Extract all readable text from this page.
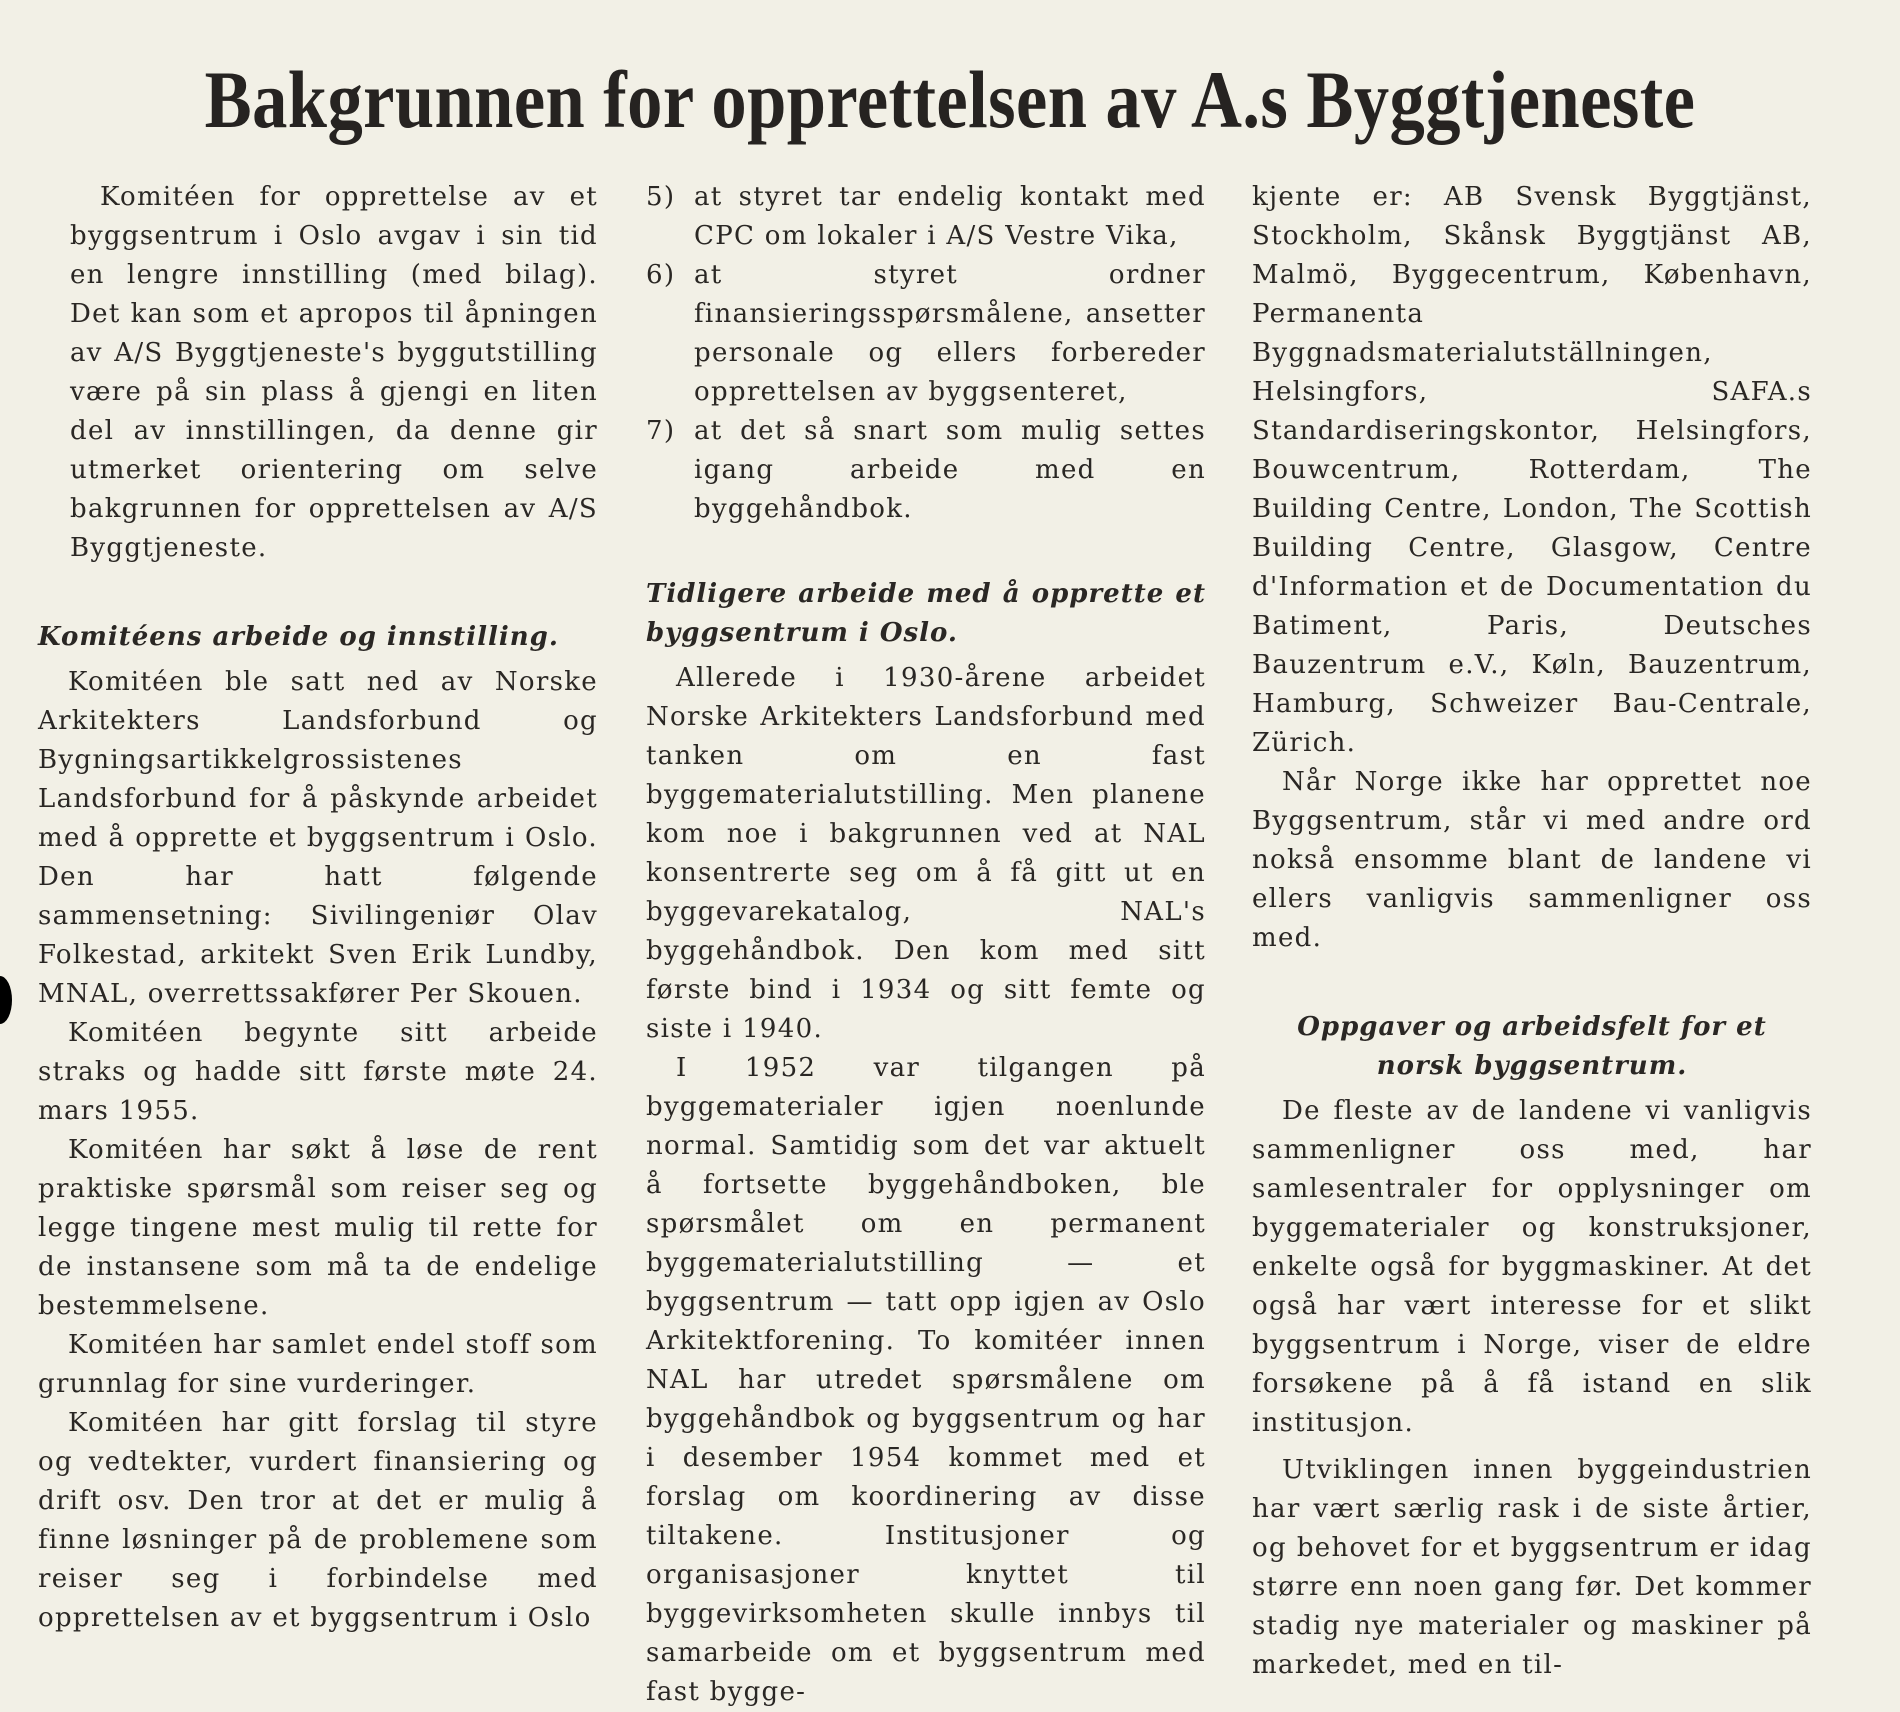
Bakgrunnen for opprettelsen av A.s Byggtjeneste

Komitéen for opprettelse av et byggsentrum i Oslo avgav i sin tid en lengre innstilling (med bilag). Det kan som et apropos til åpningen av A/S Byggtjeneste's byggutstilling være på sin plass å gjengi en liten del av innstillingen, da denne gir utmerket orientering om selve bakgrunnen for opprettelsen av A/S Byggtjeneste.

Komitéens arbeide og innstilling.

Komitéen ble satt ned av Norske Arkitekters Landsforbund og Bygningsartikkelgrossistenes Landsforbund for å påskynde arbeidet med å opprette et byggsentrum i Oslo. Den har hatt følgende sammensetning: Sivilingeniør Olav Folkestad, arkitekt Sven Erik Lundby, MNAL, overrettssakfører Per Skouen.

Komitéen begynte sitt arbeide straks og hadde sitt første møte 24. mars 1955.

Komitéen har søkt å løse de rent praktiske spørsmål som reiser seg og legge tingene mest mulig til rette for de instansene som må ta de endelige bestemmelsene.

Komitéen har samlet endel stoff som grunnlag for sine vurderinger.

Komitéen har gitt forslag til styre og vedtekter, vurdert finansiering og drift osv. Den tror at det er mulig å finne løsninger på de problemene som reiser seg i forbindelse med opprettelsen av et byggsentrum i Oslo

5) at styret tar endelig kontakt med CPC om lokaler i A/S Vestre Vika,
6) at styret ordner finansieringsspørsmålene, ansetter personale og ellers forbereder opprettelsen av byggsenteret,
7) at det så snart som mulig settes igang arbeide med en byggehåndbok.

Tidligere arbeide med å opprette et byggsentrum i Oslo.

Allerede i 1930-årene arbeidet Norske Arkitekters Landsforbund med tanken om en fast byggematerialutstilling. Men planene kom noe i bakgrunnen ved at NAL konsentrerte seg om å få gitt ut en byggevarekatalog, NAL's byggehåndbok. Den kom med sitt første bind i 1934 og sitt femte og siste i 1940.

I 1952 var tilgangen på byggematerialer igjen noenlunde normal. Samtidig som det var aktuelt å fortsette byggehåndboken, ble spørsmålet om en permanent byggematerialutstilling — et byggsentrum — tatt opp igjen av Oslo Arkitektforening. To komitéer innen NAL har utredet spørsmålene om byggehåndbok og byggsentrum og har i desember 1954 kommet med et forslag om koordinering av disse tiltakene. Institusjoner og organisasjoner knyttet til byggevirksomheten skulle innbys til samarbeide om et byggsentrum med fast bygge-

kjente er: AB Svensk Byggtjänst, Stockholm, Skånsk Byggtjänst AB, Malmö, Byggecentrum, København, Permanenta Byggnadsmaterialutställningen, Helsingfors, SAFA.s Standardiseringskontor, Helsingfors, Bouwcentrum, Rotterdam, The Building Centre, London, The Scottish Building Centre, Glasgow, Centre d'Information et de Documentation du Batiment, Paris, Deutsches Bauzentrum e.V., Køln, Bauzentrum, Hamburg, Schweizer Bau-Centrale, Zürich.

Når Norge ikke har opprettet noe Byggsentrum, står vi med andre ord nokså ensomme blant de landene vi ellers vanligvis sammenligner oss med.

Oppgaver og arbeidsfelt for et norsk byggsentrum.

De fleste av de landene vi vanligvis sammenligner oss med, har samlesentraler for opplysninger om byggematerialer og konstruksjoner, enkelte også for byggmaskiner. At det også har vært interesse for et slikt byggsentrum i Norge, viser de eldre forsøkene på å få istand en slik institusjon.

Utviklingen innen byggeindustrien har vært særlig rask i de siste årtier, og behovet for et byggsentrum er idag større enn noen gang før. Det kommer stadig nye materialer og maskiner på markedet, med en til-
